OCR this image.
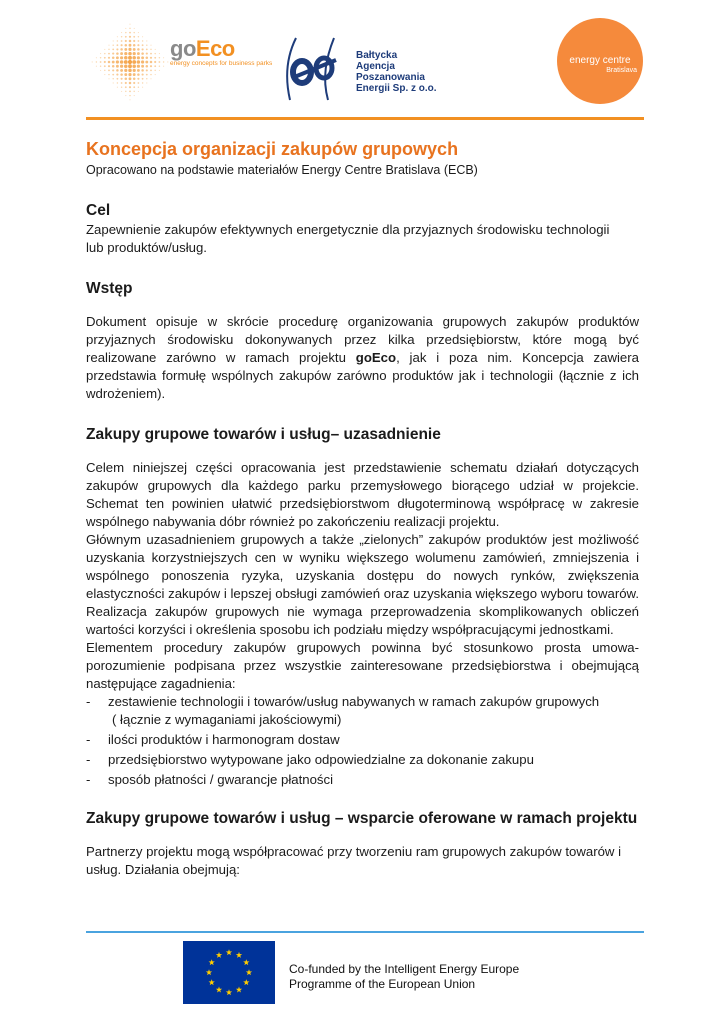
goEco
energy concepts for business parks
Bałtycka
Agencja
Poszanowania
Energii Sp. z o.o.
energy centre
Bratislava
Koncepcja organizacji zakupów grupowych

Opracowano na podstawie materiałów Energy Centre Bratislava (ECB)

Cel

Zapewnienie zakupów efektywnych energetycznie dla przyjaznych środowisku technologii lub produktów/usług.

Wstęp

Dokument opisuje w skrócie procedurę organizowania grupowych zakupów produktów przyjaznych środowisku dokonywanych przez kilka przedsiębiorstw, które mogą być realizowane zarówno w ramach projektu goEco, jak i poza nim. Koncepcja zawiera przedstawia formułę wspólnych zakupów zarówno produktów jak i technologii (łącznie z ich wdrożeniem).

Zakupy grupowe towarów i usług– uzasadnienie

Celem niniejszej części opracowania jest przedstawienie schematu działań dotyczących zakupów grupowych dla każdego parku przemysłowego biorącego udział w projekcie. Schemat ten powinien ułatwić przedsiębiorstwom długoterminową współpracę w zakresie wspólnego nabywania dóbr również po zakończeniu realizacji projektu.

Głównym uzasadnieniem grupowych a także „zielonych” zakupów produktów jest możliwość uzyskania korzystniejszych cen w wyniku większego wolumenu zamówień, zmniejszenia i wspólnego ponoszenia ryzyka, uzyskania dostępu do nowych rynków, zwiększenia elastyczności zakupów i lepszej obsługi zamówień oraz uzyskania większego wyboru towarów. Realizacja zakupów grupowych nie wymaga przeprowadzenia skomplikowanych obliczeń wartości korzyści i określenia sposobu ich podziału między współpracującymi jednostkami.

Elementem procedury zakupów grupowych powinna być stosunkowo prosta umowa-porozumienie podpisana przez wszystkie zainteresowane przedsiębiorstwa i obejmującą następujące zagadnienia:

- zestawienie technologii i towarów/usług nabywanych w ramach zakupów grupowych
( łącznie z wymaganiami jakościowymi)
- ilości produktów i harmonogram dostaw
- przedsiębiorstwo wytypowane jako odpowiedzialne za dokonanie zakupu
- sposób płatności / gwarancje płatności
Zakupy grupowe towarów i usług – wsparcie oferowane w ramach projektu

Partnerzy projektu mogą współpracować przy tworzeniu ram grupowych zakupów towarów i usług. Działania obejmują:

Co-funded by the Intelligent Energy Europe
Programme of the European Union
